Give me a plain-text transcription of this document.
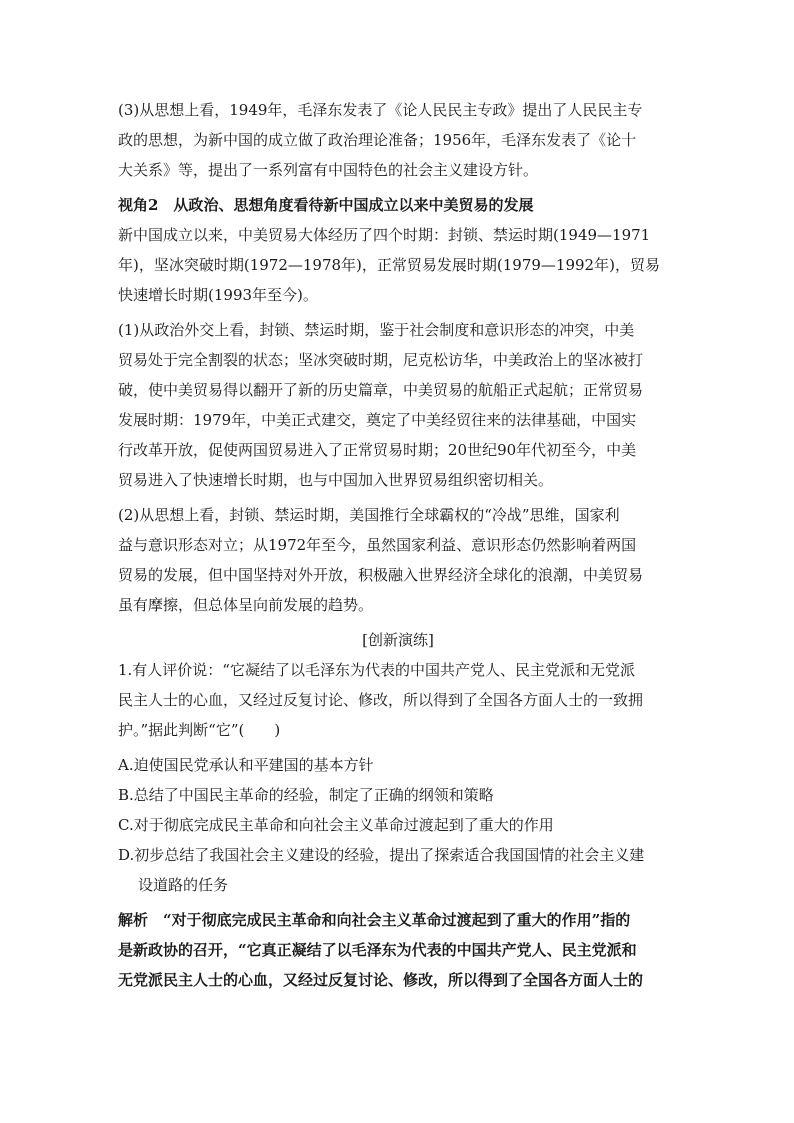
(3)从思想上看，1949年，毛泽东发表了《论人民民主专政》提出了人民民主专
政的思想，为新中国的成立做了政治理论准备；1956年，毛泽东发表了《论十
大关系》等，提出了一系列富有中国特色的社会主义建设方针。
视角2　从政治、思想角度看待新中国成立以来中美贸易的发展
新中国成立以来，中美贸易大体经历了四个时期：封锁、禁运时期(1949—1971
年)，坚冰突破时期(1972—1978年)，正常贸易发展时期(1979—1992年)，贸易
快速增长时期(1993年至今)。
(1)从政治外交上看，封锁、禁运时期，鉴于社会制度和意识形态的冲突，中美
贸易处于完全割裂的状态；坚冰突破时期，尼克松访华，中美政治上的坚冰被打
破，使中美贸易得以翻开了新的历史篇章，中美贸易的航船正式起航；正常贸易
发展时期：1979年，中美正式建交，奠定了中美经贸往来的法律基础，中国实
行改革开放，促使两国贸易进入了正常贸易时期；20世纪90年代初至今，中美
贸易进入了快速增长时期，也与中国加入世界贸易组织密切相关。
(2)从思想上看，封锁、禁运时期，美国推行全球霸权的“冷战”思维，国家利
益与意识形态对立；从1972年至今，虽然国家利益、意识形态仍然影响着两国
贸易的发展，但中国坚持对外开放，积极融入世界经济全球化的浪潮，中美贸易
虽有摩擦，但总体呈向前发展的趋势。
[创新演练]
1.有人评价说：“它凝结了以毛泽东为代表的中国共产党人、民主党派和无党派
民主人士的心血，又经过反复讨论、修改，所以得到了全国各方面人士的一致拥
护。”据此判断“它”(　　)
A.迫使国民党承认和平建国的基本方针
B.总结了中国民主革命的经验，制定了正确的纲领和策略
C.对于彻底完成民主革命和向社会主义革命过渡起到了重大的作用
D.初步总结了我国社会主义建设的经验，提出了探索适合我国国情的社会主义建
设道路的任务
解析　“对于彻底完成民主革命和向社会主义革命过渡起到了重大的作用”指的
是新政协的召开，“它真正凝结了以毛泽东为代表的中国共产党人、民主党派和
无党派民主人士的心血，又经过反复讨论、修改，所以得到了全国各方面人士的
